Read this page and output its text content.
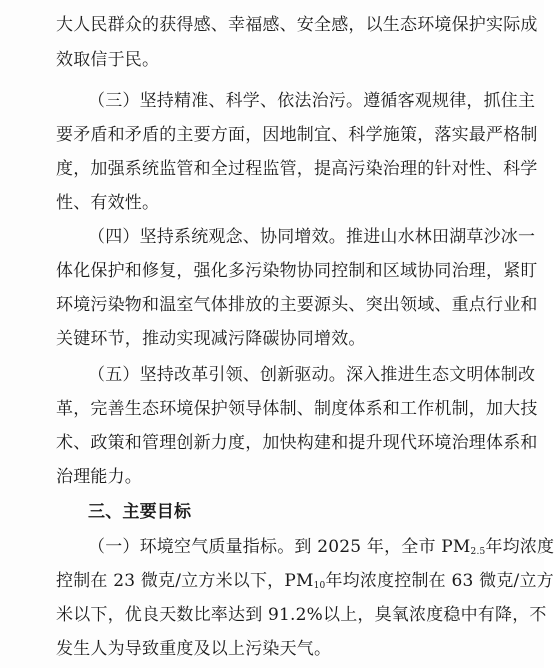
大人民群众的获得感、幸福感、安全感，以生态环境保护实际成
效取信于民。
（三）坚持精准、科学、依法治污。遵循客观规律，抓住主
要矛盾和矛盾的主要方面，因地制宜、科学施策，落实最严格制
度，加强系统监管和全过程监管，提高污染治理的针对性、科学
性、有效性。
（四）坚持系统观念、协同增效。推进山水林田湖草沙冰一
体化保护和修复，强化多污染物协同控制和区域协同治理，紧盯
环境污染物和温室气体排放的主要源头、突出领域、重点行业和
关键环节，推动实现减污降碳协同增效。
（五）坚持改革引领、创新驱动。深入推进生态文明体制改
革，完善生态环境保护领导体制、制度体系和工作机制，加大技
术、政策和管理创新力度，加快构建和提升现代环境治理体系和
治理能力。
三、主要目标
（一）环境空气质量指标。到 2025 年，全市 $PM_{2.5}$年均浓度
控制在 23 微克/立方米以下，$PM_{10}$年均浓度控制在 63 微克/立方
米以下，优良天数比率达到 91.2%以上，臭氧浓度稳中有降，不
发生人为导致重度及以上污染天气。
